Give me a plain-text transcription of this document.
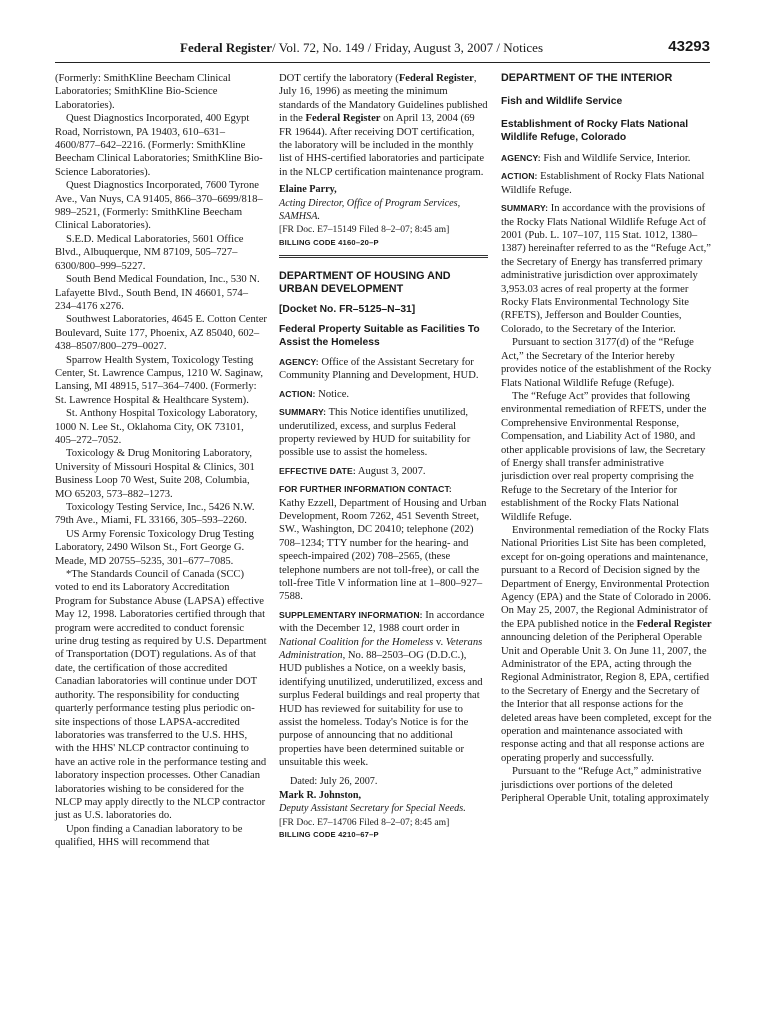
Federal Register/ Vol. 72, No. 149 / Friday, August 3, 2007 / Notices	43293

(Formerly: SmithKline Beecham Clinical Laboratories; SmithKline Bio-Science Laboratories).

Quest Diagnostics Incorporated, 400 Egypt Road, Norristown, PA 19403, 610–631–4600/877–642–2216. (Formerly: SmithKline Beecham Clinical Laboratories; SmithKline Bio-Science Laboratories).

Quest Diagnostics Incorporated, 7600 Tyrone Ave., Van Nuys, CA 91405, 866–370–6699/818–989–2521, (Formerly: SmithKline Beecham Clinical Laboratories).

S.E.D. Medical Laboratories, 5601 Office Blvd., Albuquerque, NM 87109, 505–727–6300/800–999–5227.

South Bend Medical Foundation, Inc., 530 N. Lafayette Blvd., South Bend, IN 46601, 574–234–4176 x276.

Southwest Laboratories, 4645 E. Cotton Center Boulevard, Suite 177, Phoenix, AZ 85040, 602–438–8507/800–279–0027.

Sparrow Health System, Toxicology Testing Center, St. Lawrence Campus, 1210 W. Saginaw, Lansing, MI 48915, 517–364–7400. (Formerly: St. Lawrence Hospital & Healthcare System).

St. Anthony Hospital Toxicology Laboratory, 1000 N. Lee St., Oklahoma City, OK 73101, 405–272–7052.

Toxicology & Drug Monitoring Laboratory, University of Missouri Hospital & Clinics, 301 Business Loop 70 West, Suite 208, Columbia, MO 65203, 573–882–1273.

Toxicology Testing Service, Inc., 5426 N.W. 79th Ave., Miami, FL 33166, 305–593–2260.

US Army Forensic Toxicology Drug Testing Laboratory, 2490 Wilson St., Fort George G. Meade, MD 20755–5235, 301–677–7085.

*The Standards Council of Canada (SCC) voted to end its Laboratory Accreditation Program for Substance Abuse (LAPSA) effective May 12, 1998. Laboratories certified through that program were accredited to conduct forensic urine drug testing as required by U.S. Department of Transportation (DOT) regulations. As of that date, the certification of those accredited Canadian laboratories will continue under DOT authority. The responsibility for conducting quarterly performance testing plus periodic on-site inspections of those LAPSA-accredited laboratories was transferred to the U.S. HHS, with the HHS' NLCP contractor continuing to have an active role in the performance testing and laboratory inspection processes. Other Canadian laboratories wishing to be considered for the NLCP may apply directly to the NLCP contractor just as U.S. laboratories do.

Upon finding a Canadian laboratory to be qualified, HHS will recommend that

DOT certify the laboratory (Federal Register, July 16, 1996) as meeting the minimum standards of the Mandatory Guidelines published in the Federal Register on April 13, 2004 (69 FR 19644). After receiving DOT certification, the laboratory will be included in the monthly list of HHS-certified laboratories and participate in the NLCP certification maintenance program.

Elaine Parry,

Acting Director, Office of Program Services, SAMHSA.

[FR Doc. E7–15149 Filed 8–2–07; 8:45 am]

BILLING CODE 4160–20–P
DEPARTMENT OF HOUSING AND URBAN DEVELOPMENT
[Docket No. FR–5125–N–31]
Federal Property Suitable as Facilities To Assist the Homeless

AGENCY: Office of the Assistant Secretary for Community Planning and Development, HUD.

ACTION: Notice.

SUMMARY: This Notice identifies unutilized, underutilized, excess, and surplus Federal property reviewed by HUD for suitability for possible use to assist the homeless.

EFFECTIVE DATE: August 3, 2007.

FOR FURTHER INFORMATION CONTACT:
Kathy Ezzell, Department of Housing and Urban Development, Room 7262, 451 Seventh Street, SW., Washington, DC 20410; telephone (202) 708–1234; TTY number for the hearing- and speech-impaired (202) 708–2565, (these telephone numbers are not toll-free), or call the toll-free Title V information line at 1–800–927–7588.

SUPPLEMENTARY INFORMATION: In accordance with the December 12, 1988 court order in National Coalition for the Homeless v. Veterans Administration, No. 88–2503–OG (D.D.C.), HUD publishes a Notice, on a weekly basis, identifying unutilized, underutilized, excess and surplus Federal buildings and real property that HUD has reviewed for suitability for use to assist the homeless. Today's Notice is for the purpose of announcing that no additional properties have been determined suitable or unsuitable this week.

Dated: July 26, 2007.

Mark R. Johnston,

Deputy Assistant Secretary for Special Needs.

[FR Doc. E7–14706 Filed 8–2–07; 8:45 am]

BILLING CODE 4210–67–P
DEPARTMENT OF THE INTERIOR
Fish and Wildlife Service
Establishment of Rocky Flats National Wildlife Refuge, Colorado

AGENCY: Fish and Wildlife Service, Interior.

ACTION: Establishment of Rocky Flats National Wildlife Refuge.

SUMMARY: In accordance with the provisions of the Rocky Flats National Wildlife Refuge Act of 2001 (Pub. L. 107–107, 115 Stat. 1012, 1380–1387) hereinafter referred to as the “Refuge Act,” the Secretary of Energy has transferred primary administrative jurisdiction over approximately 3,953.03 acres of real property at the former Rocky Flats Environmental Technology Site (RFETS), Jefferson and Boulder Counties, Colorado, to the Secretary of the Interior.

Pursuant to section 3177(d) of the “Refuge Act,” the Secretary of the Interior hereby provides notice of the establishment of the Rocky Flats National Wildlife Refuge (Refuge).

The “Refuge Act” provides that following environmental remediation of RFETS, under the Comprehensive Environmental Response, Compensation, and Liability Act of 1980, and other applicable provisions of law, the Secretary of Energy shall transfer administrative jurisdiction over real property comprising the Refuge to the Secretary of the Interior for establishment of the Rocky Flats National Wildlife Refuge.

Environmental remediation of the Rocky Flats National Priorities List Site has been completed, except for on-going operations and maintenance, pursuant to a Record of Decision signed by the Department of Energy, Environmental Protection Agency (EPA) and the State of Colorado in 2006. On May 25, 2007, the Regional Administrator of the EPA published notice in the Federal Register announcing deletion of the Peripheral Operable Unit and Operable Unit 3. On June 11, 2007, the Administrator of the EPA, acting through the Regional Administrator, Region 8, EPA, certified to the Secretary of Energy and the Secretary of the Interior that all response actions for the deleted areas have been completed, except for the operation and maintenance associated with response acting and that all response actions are operating properly and successfully.

Pursuant to the “Refuge Act,” administrative jurisdictions over portions of the deleted Peripheral Operable Unit, totaling approximately
